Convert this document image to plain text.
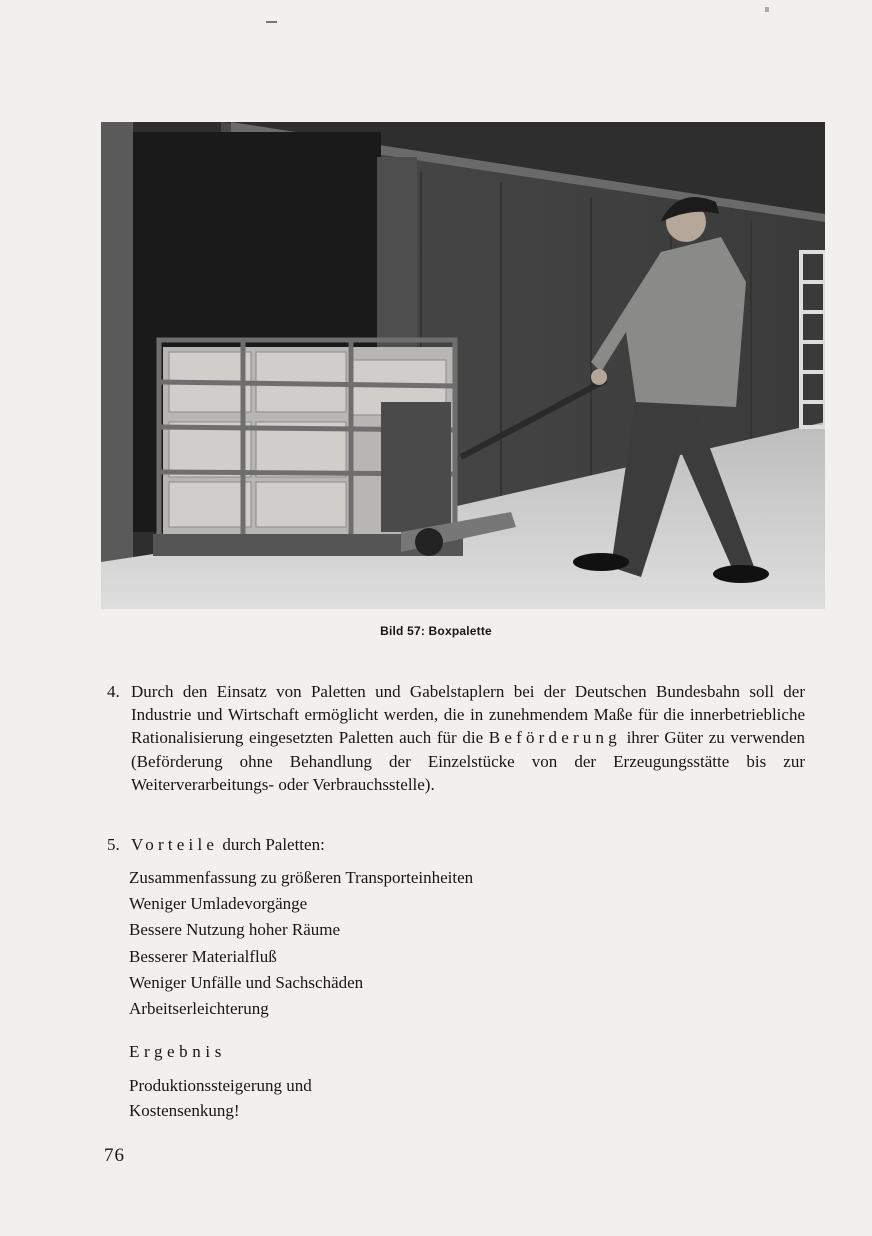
Bild 57: Boxpalette
4. Durch den Einsatz von Paletten und Gabelstaplern bei der Deutschen Bundesbahn soll der Industrie und Wirtschaft ermöglicht werden, die in zunehmendem Maße für die innerbetriebliche Rationalisierung eingesetzten Paletten auch für die Beförderung ihrer Güter zu verwenden (Beförderung ohne Behandlung der Einzelstücke von der Erzeugungsstätte bis zur Weiterverarbeitungs- oder Verbrauchsstelle).
5. Vorteile durch Paletten:
Zusammenfassung zu größeren Transporteinheiten
Weniger Umladevorgänge
Bessere Nutzung hoher Räume
Besserer Materialfluß
Weniger Unfälle und Sachschäden
Arbeitserleichterung
Ergebnis
Produktionssteigerung und
Kostensenkung!
76
